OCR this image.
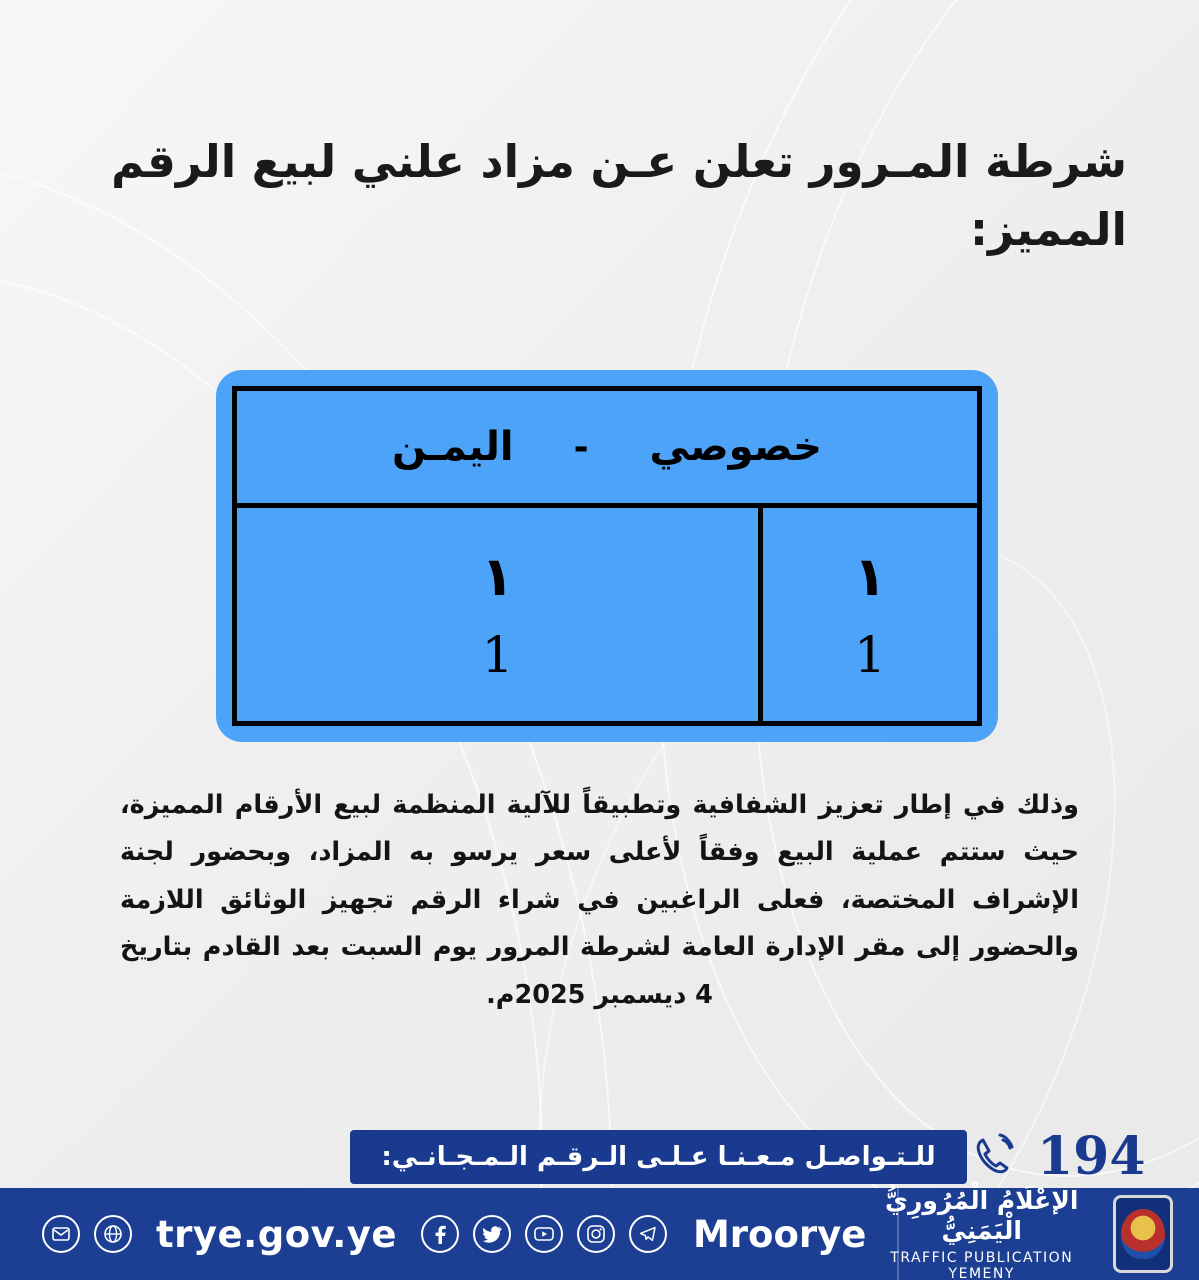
شرطة المـرور تعلن عـن مزاد علني لبيع الرقم المميز:
خصوصي
-
اليمـن
١
1
١
1
وذلك في إطار تعزيز الشفافية وتطبيقاً للآلية المنظمة لبيع الأرقام المميزة، حيث ستتم عملية البيع وفقاً لأعلى سعر يرسو به المزاد، وبحضور لجنة الإشراف المختصة، فعلى الراغبين في شراء الرقم تجهيز الوثائق اللازمة والحضور إلى مقر الإدارة العامة لشرطة المرور يوم السبت بعد القادم بتاريخ 4 ديسمبر 2025م.
للـتـواصـل مـعـنـا عـلـى الـرقـم الـمـجـانـي:	194
trye.gov.ye	Mroorye
الإعْلَامُ الْمُرُورِيُّ الْيَمَنِيُّ
TRAFFIC PUBLICATION YEMENY
